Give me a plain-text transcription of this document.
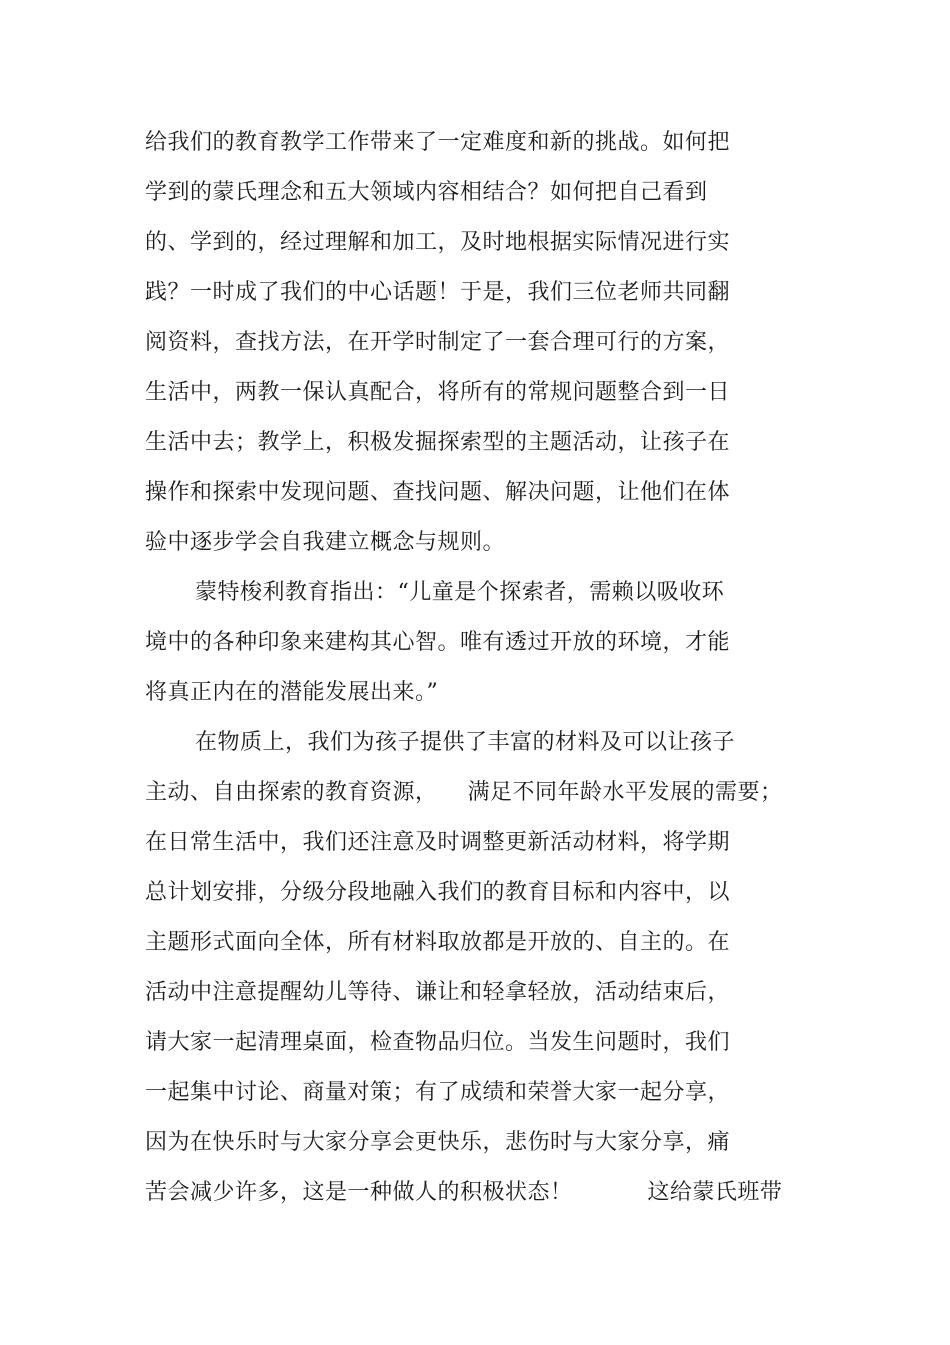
给我们的教育教学工作带来了一定难度和新的挑战。如何把
学到的蒙氏理念和五大领域内容相结合？如何把自己看到
的、学到的，经过理解和加工，及时地根据实际情况进行实
践？一时成了我们的中心话题！于是，我们三位老师共同翻
阅资料，查找方法，在开学时制定了一套合理可行的方案，
生活中，两教一保认真配合，将所有的常规问题整合到一日
生活中去；教学上，积极发掘探索型的主题活动，让孩子在
操作和探索中发现问题、查找问题、解决问题，让他们在体
验中逐步学会自我建立概念与规则。
蒙特梭利教育指出：“儿童是个探索者，需赖以吸收环
境中的各种印象来建构其心智。唯有透过开放的环境，才能
将真正内在的潜能发展出来。”
在物质上，我们为孩子提供了丰富的材料及可以让孩子
主动、自由探索的教育资源，    满足不同年龄水平发展的需要；
在日常生活中，我们还注意及时调整更新活动材料，将学期
总计划安排，分级分段地融入我们的教育目标和内容中，以
主题形式面向全体，所有材料取放都是开放的、自主的。在
活动中注意提醒幼儿等待、谦让和轻拿轻放，活动结束后，
请大家一起清理桌面，检查物品归位。当发生问题时，我们
一起集中讨论、商量对策；有了成绩和荣誉大家一起分享，
因为在快乐时与大家分享会更快乐，悲伤时与大家分享，痛
苦会减少许多，这是一种做人的积极状态！          这给蒙氏班带
